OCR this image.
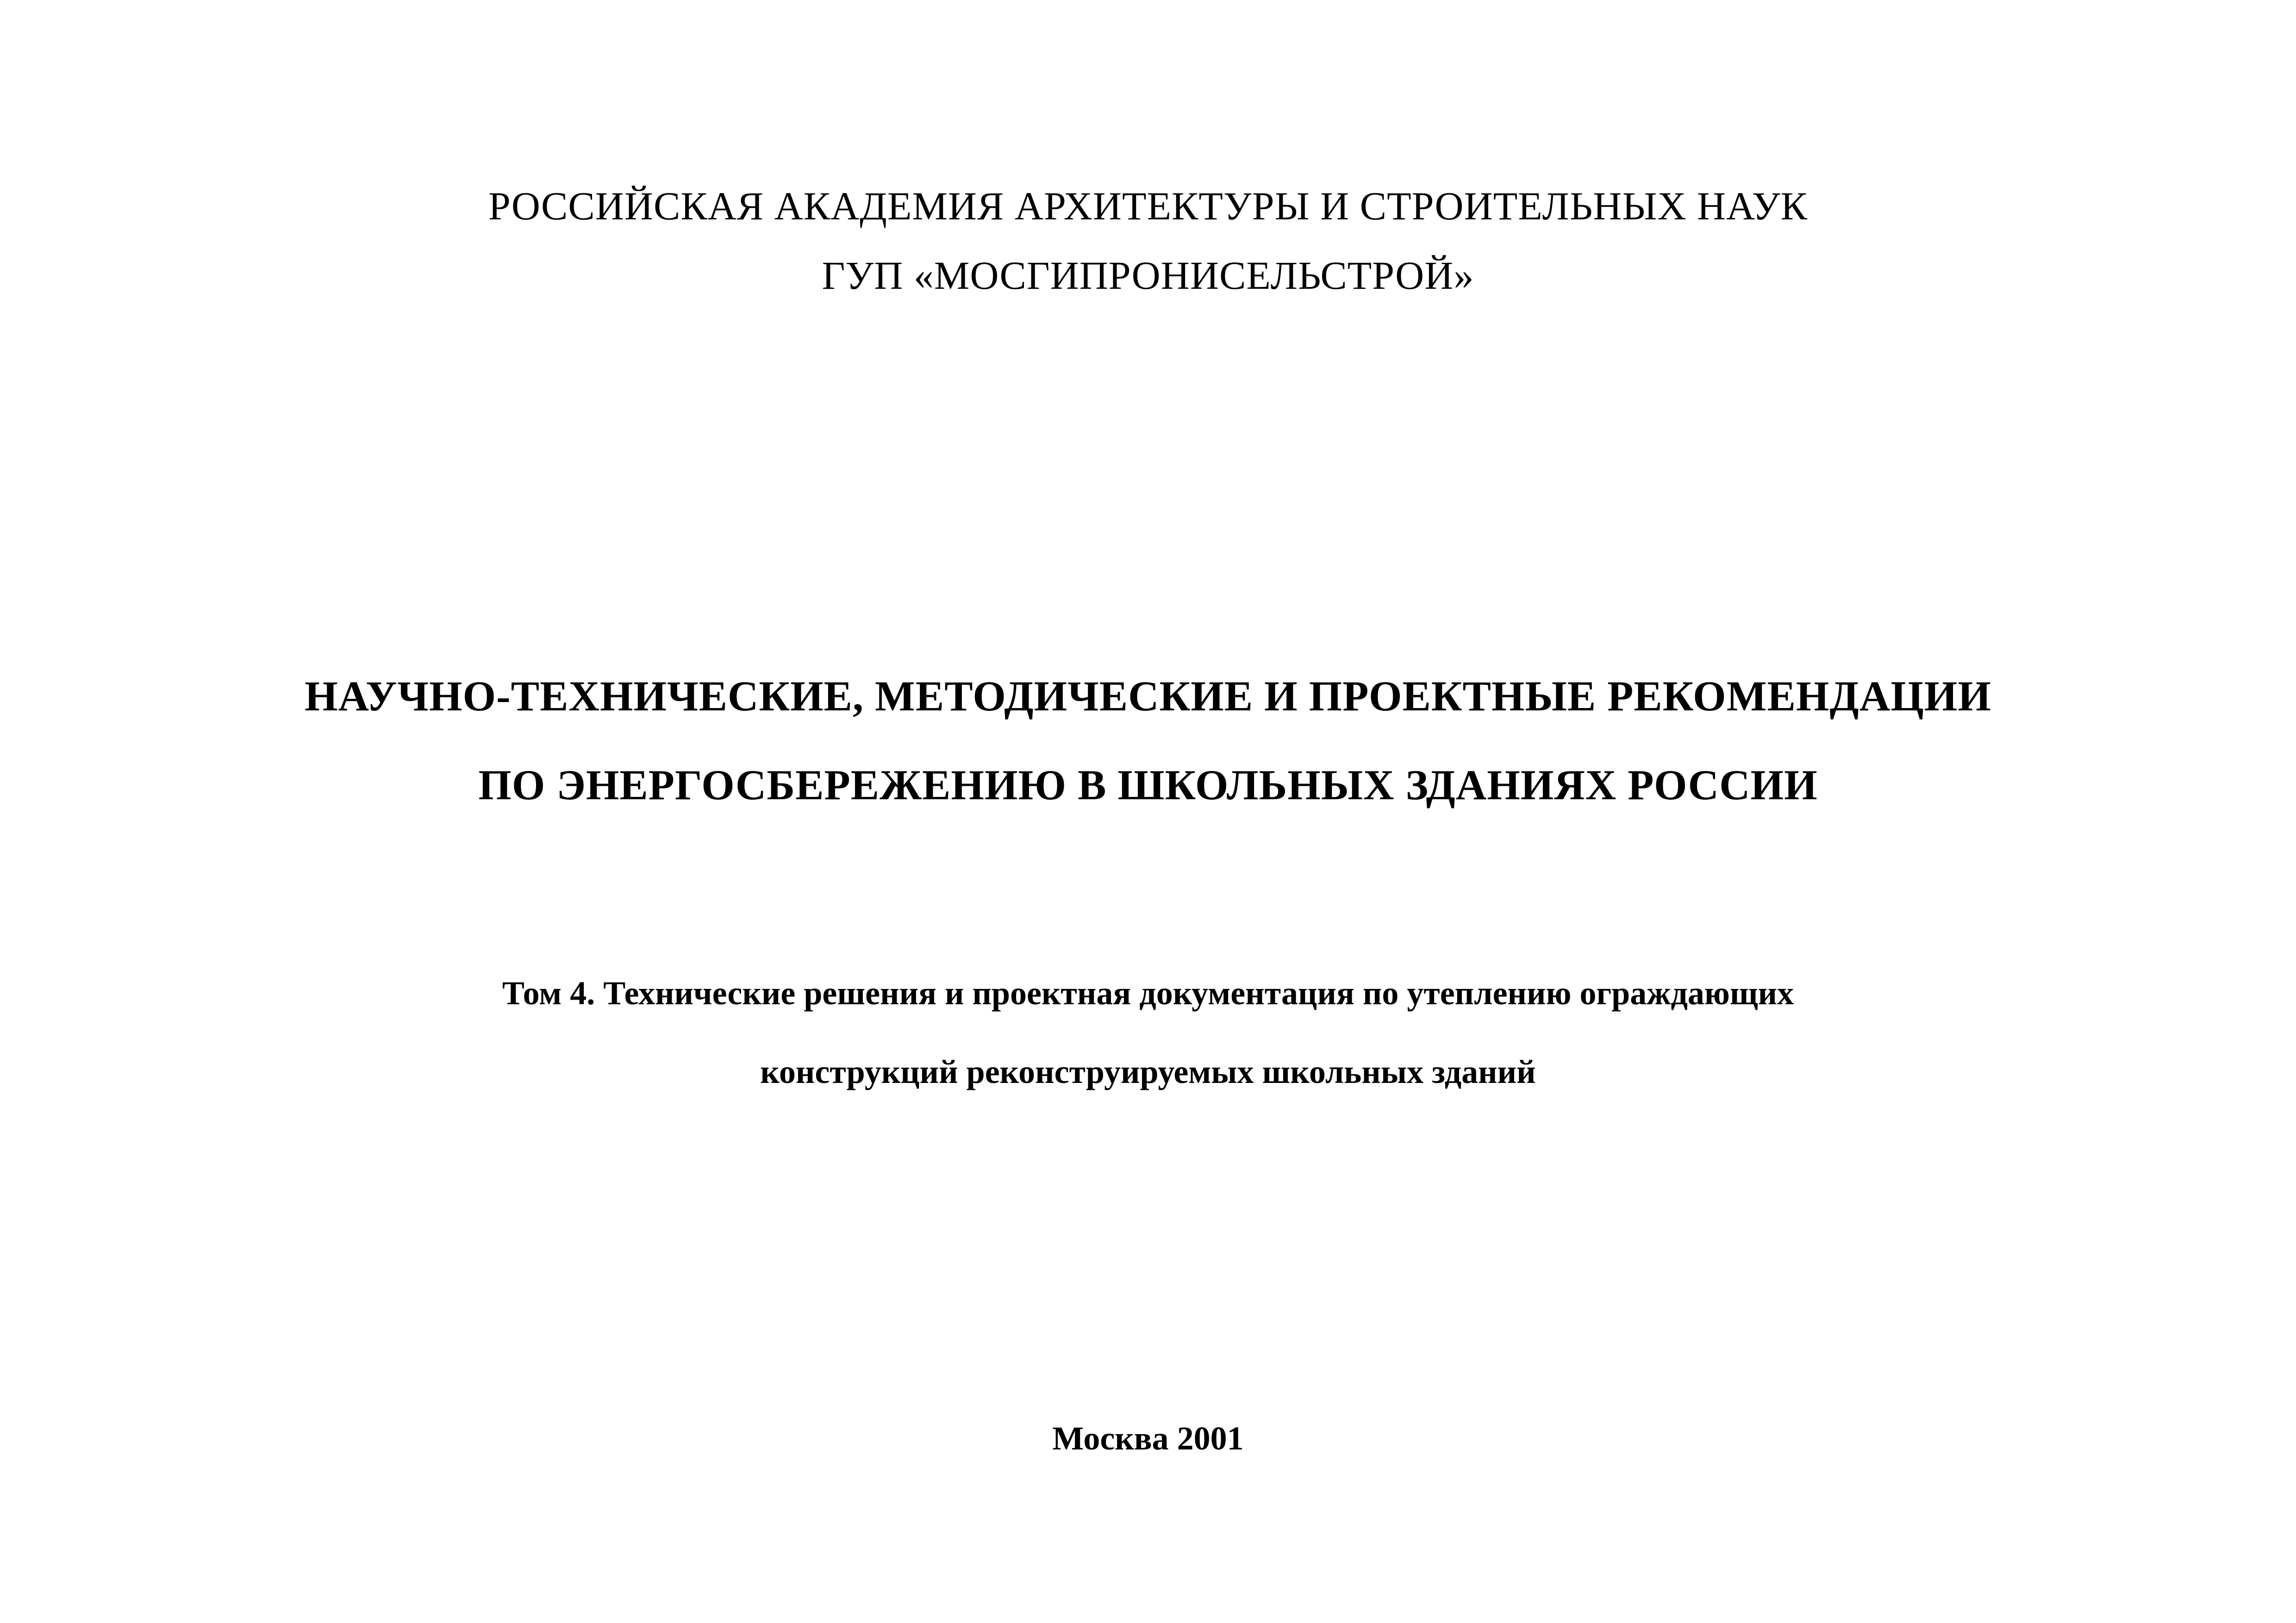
РОССИЙСКАЯ АКАДЕМИЯ АРХИТЕКТУРЫ И СТРОИТЕЛЬНЫХ НАУК
ГУП «МОСГИПРОНИСЕЛЬСТРОЙ»
НАУЧНО-ТЕХНИЧЕСКИЕ, МЕТОДИЧЕСКИЕ И ПРОЕКТНЫЕ РЕКОМЕНДАЦИИ
ПО ЭНЕРГОСБЕРЕЖЕНИЮ В ШКОЛЬНЫХ ЗДАНИЯХ РОССИИ
Том 4. Технические решения и проектная документация по утеплению ограждающих
конструкций реконструируемых школьных зданий
Москва 2001
